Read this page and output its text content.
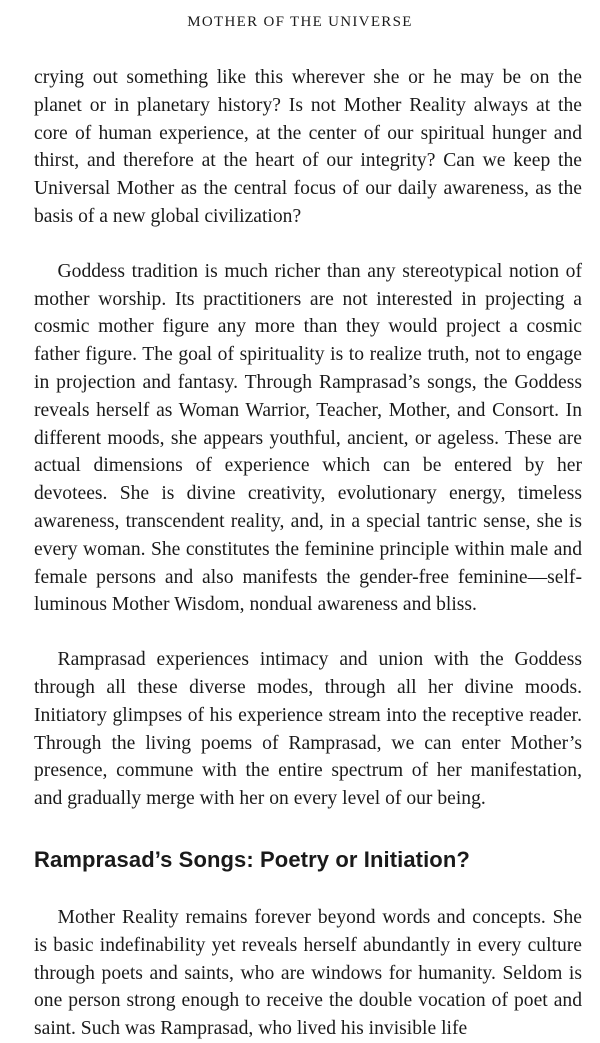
MOTHER OF THE UNIVERSE

crying out something like this wherever she or he may be on the planet or in planetary history? Is not Mother Reality always at the core of human experience, at the center of our spiritual hunger and thirst, and therefore at the heart of our integrity? Can we keep the Universal Mother as the central focus of our daily awareness, as the basis of a new global civilization?

Goddess tradition is much richer than any stereotypical notion of mother worship. Its practitioners are not interested in projecting a cosmic mother figure any more than they would project a cosmic father figure. The goal of spirituality is to realize truth, not to engage in projection and fantasy. Through Ramprasad’s songs, the Goddess reveals herself as Woman Warrior, Teacher, Mother, and Consort. In different moods, she appears youthful, ancient, or ageless. These are actual dimensions of experience which can be entered by her devotees. She is divine creativity, evolutionary energy, timeless awareness, transcendent reality, and, in a special tantric sense, she is every woman. She constitutes the feminine principle within male and female persons and also manifests the gender-free feminine—self-luminous Mother Wisdom, nondual awareness and bliss.

Ramprasad experiences intimacy and union with the Goddess through all these diverse modes, through all her divine moods. Initiatory glimpses of his experience stream into the receptive reader. Through the living poems of Ramprasad, we can enter Mother’s presence, commune with the entire spectrum of her manifestation, and gradually merge with her on every level of our being.

Ramprasad’s Songs: Poetry or Initiation?

Mother Reality remains forever beyond words and concepts. She is basic indefinability yet reveals herself abundantly in every culture through poets and saints, who are windows for humanity. Seldom is one person strong enough to receive the double vocation of poet and saint. Such was Ramprasad, who lived his invisible life
